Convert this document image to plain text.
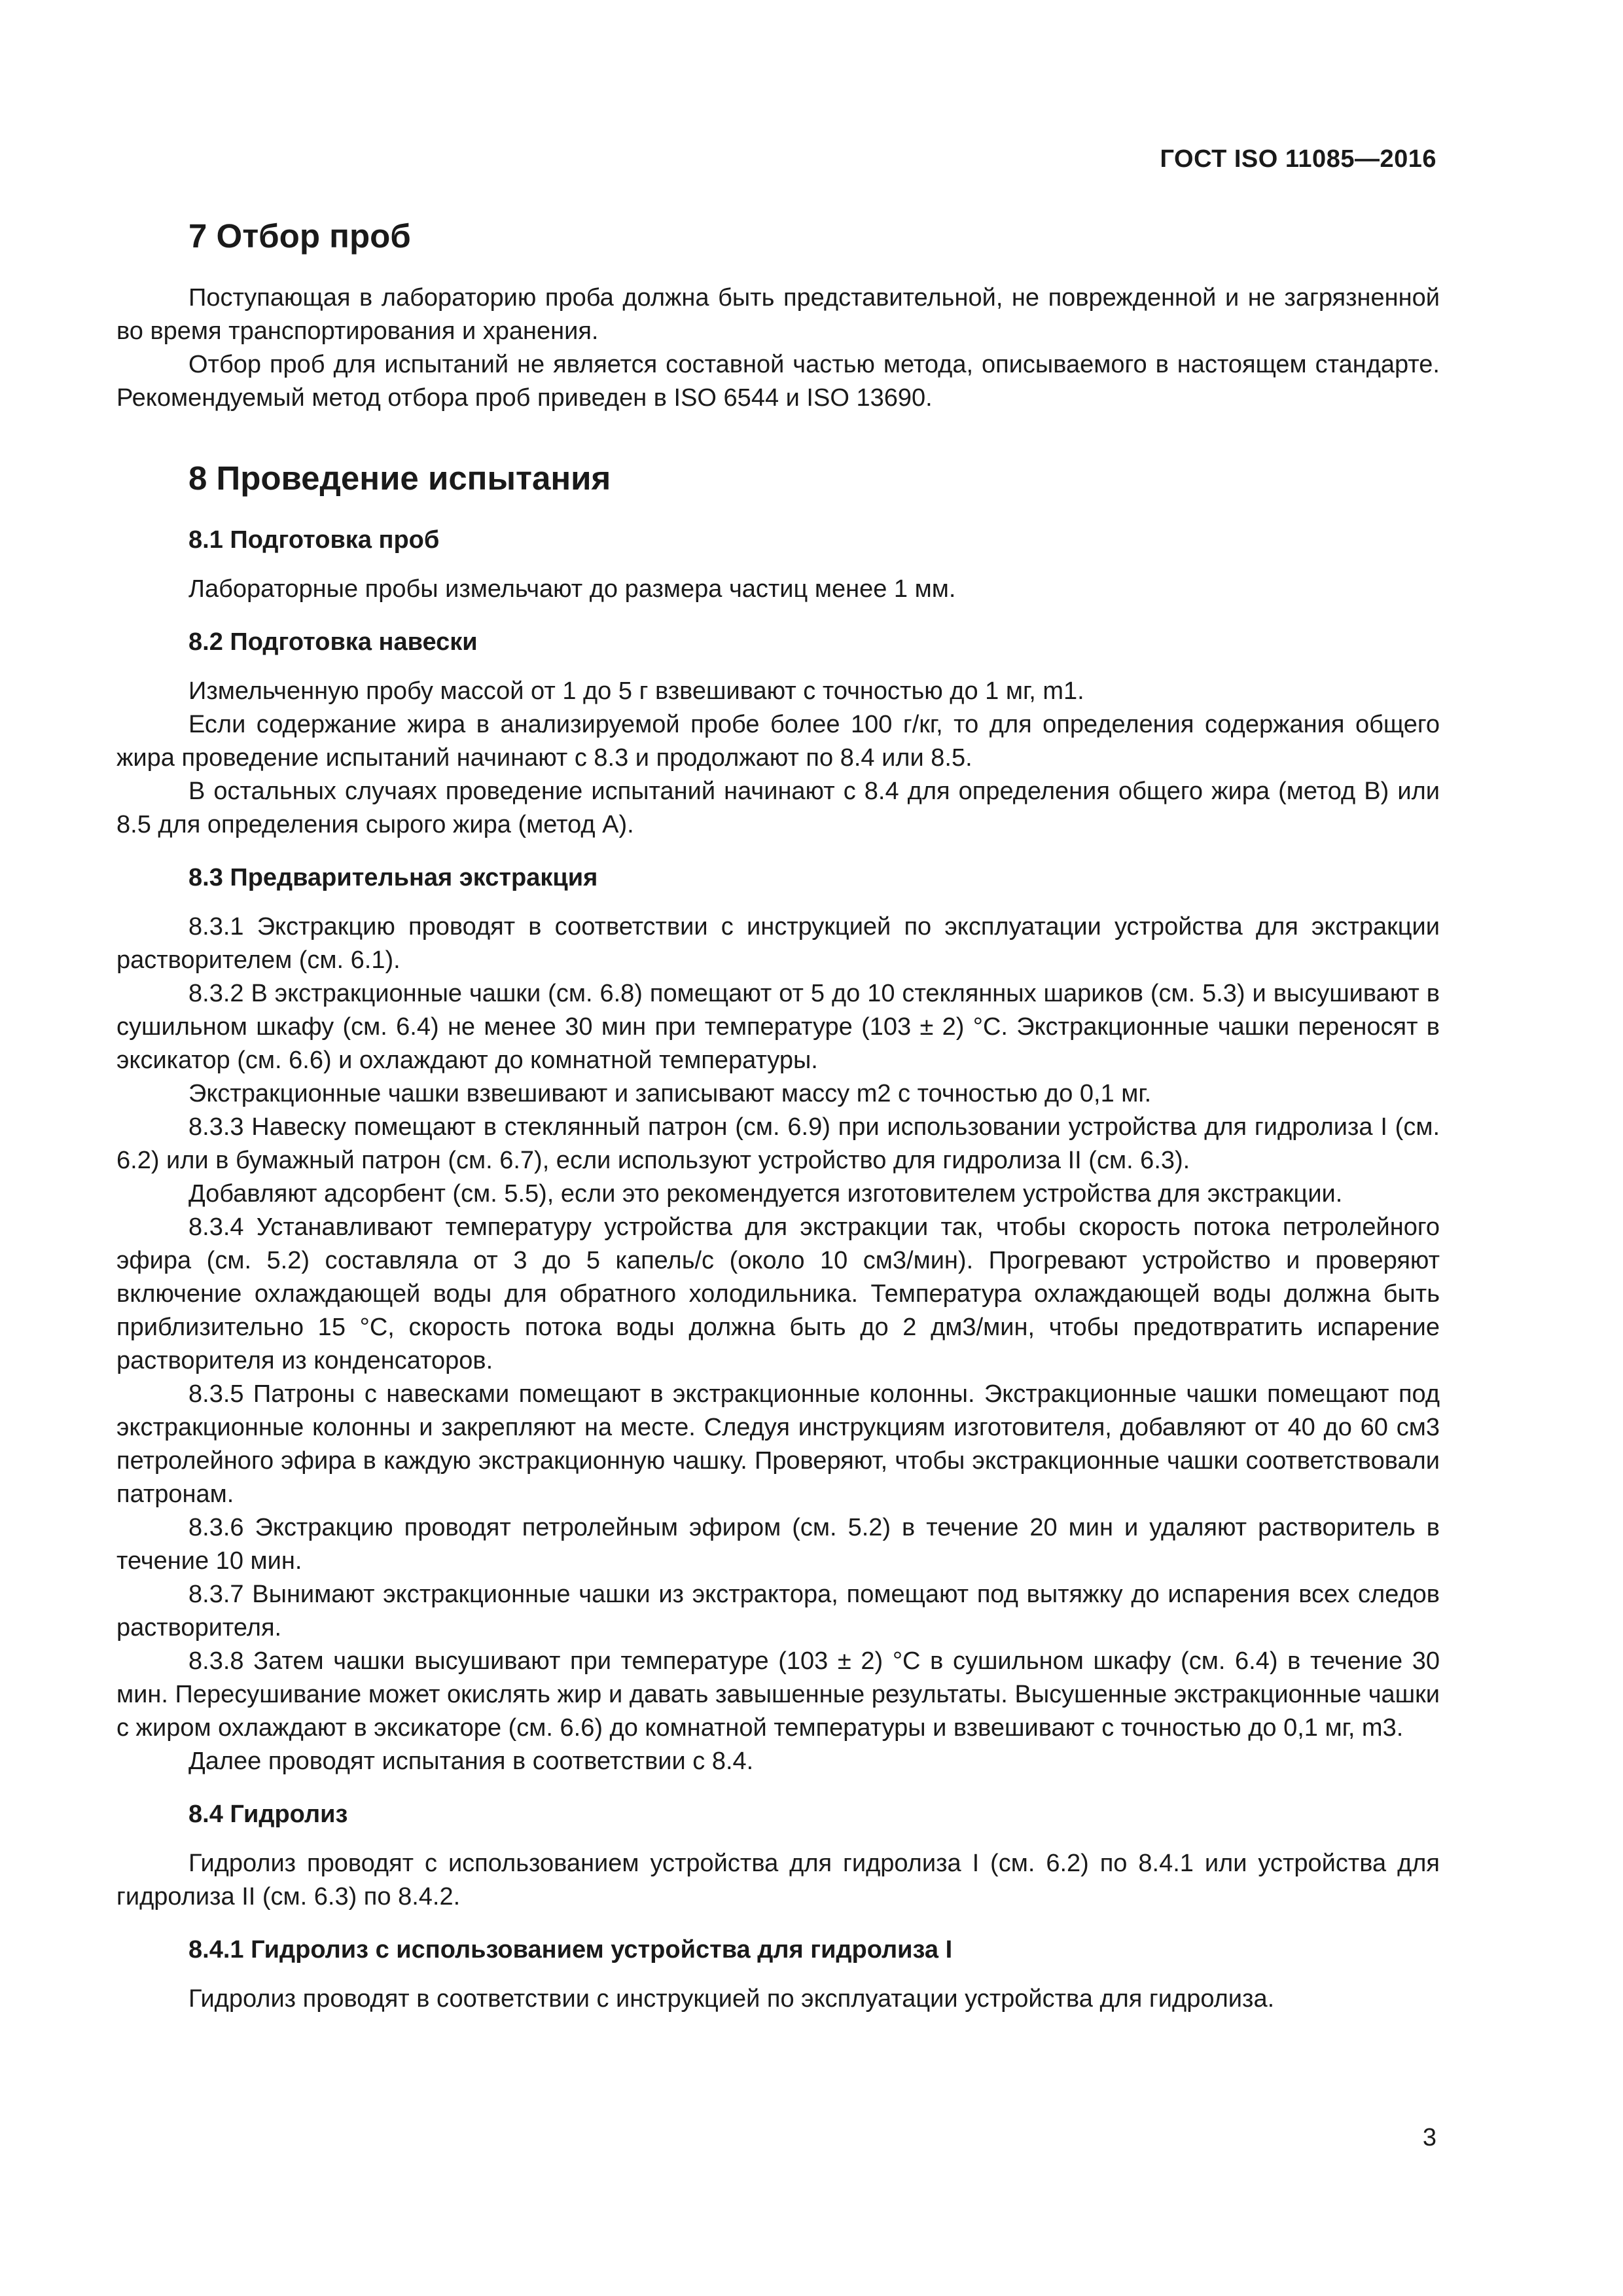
ГОСТ ISO 11085—2016
7 Отбор проб

Поступающая в лабораторию проба должна быть представительной, не поврежденной и не загрязненной во время транспортирования и хранения.

Отбор проб для испытаний не является составной частью метода, описываемого в настоящем стандарте. Рекомендуемый метод отбора проб приведен в ISO 6544 и ISO 13690.

8 Проведение испытания
8.1 Подготовка проб

Лабораторные пробы измельчают до размера частиц менее 1 мм.

8.2 Подготовка навески

Измельченную пробу массой от 1 до 5 г взвешивают с точностью до 1 мг, m1.

Если содержание жира в анализируемой пробе более 100 г/кг, то для определения содержания общего жира проведение испытаний начинают с 8.3 и продолжают по 8.4 или 8.5.

В остальных случаях проведение испытаний начинают с 8.4 для определения общего жира (метод В) или 8.5 для определения сырого жира (метод А).

8.3 Предварительная экстракция

8.3.1 Экстракцию проводят в соответствии с инструкцией по эксплуатации устройства для экстракции растворителем (см. 6.1).

8.3.2 В экстракционные чашки (см. 6.8) помещают от 5 до 10 стеклянных шариков (см. 5.3) и высушивают в сушильном шкафу (см. 6.4) не менее 30 мин при температуре (103 ± 2) °С. Экстракционные чашки переносят в эксикатор (см. 6.6) и охлаждают до комнатной температуры.

Экстракционные чашки взвешивают и записывают массу m2 с точностью до 0,1 мг.

8.3.3 Навеску помещают в стеклянный патрон (см. 6.9) при использовании устройства для гидролиза I (см. 6.2) или в бумажный патрон (см. 6.7), если используют устройство для гидролиза II (см. 6.3).

Добавляют адсорбент (см. 5.5), если это рекомендуется изготовителем устройства для экстракции.

8.3.4 Устанавливают температуру устройства для экстракции так, чтобы скорость потока петролейного эфира (см. 5.2) составляла от 3 до 5 капель/с (около 10 см3/мин). Прогревают устройство и проверяют включение охлаждающей воды для обратного холодильника. Температура охлаждающей воды должна быть приблизительно 15 °С, скорость потока воды должна быть до 2 дм3/мин, чтобы предотвратить испарение растворителя из конденсаторов.

8.3.5 Патроны с навесками помещают в экстракционные колонны. Экстракционные чашки помещают под экстракционные колонны и закрепляют на месте. Следуя инструкциям изготовителя, добавляют от 40 до 60 см3 петролейного эфира в каждую экстракционную чашку. Проверяют, чтобы экстракционные чашки соответствовали патронам.

8.3.6 Экстракцию проводят петролейным эфиром (см. 5.2) в течение 20 мин и удаляют растворитель в течение 10 мин.

8.3.7 Вынимают экстракционные чашки из экстрактора, помещают под вытяжку до испарения всех следов растворителя.

8.3.8 Затем чашки высушивают при температуре (103 ± 2) °С в сушильном шкафу (см. 6.4) в течение 30 мин. Пересушивание может окислять жир и давать завышенные результаты. Высушенные экстракционные чашки с жиром охлаждают в эксикаторе (см. 6.6) до комнатной температуры и взвешивают с точностью до 0,1 мг, m3.

Далее проводят испытания в соответствии с 8.4.

8.4 Гидролиз

Гидролиз проводят с использованием устройства для гидролиза I (см. 6.2) по 8.4.1 или устройства для гидролиза II (см. 6.3) по 8.4.2.

8.4.1 Гидролиз с использованием устройства для гидролиза I

Гидролиз проводят в соответствии с инструкцией по эксплуатации устройства для гидролиза.

3
